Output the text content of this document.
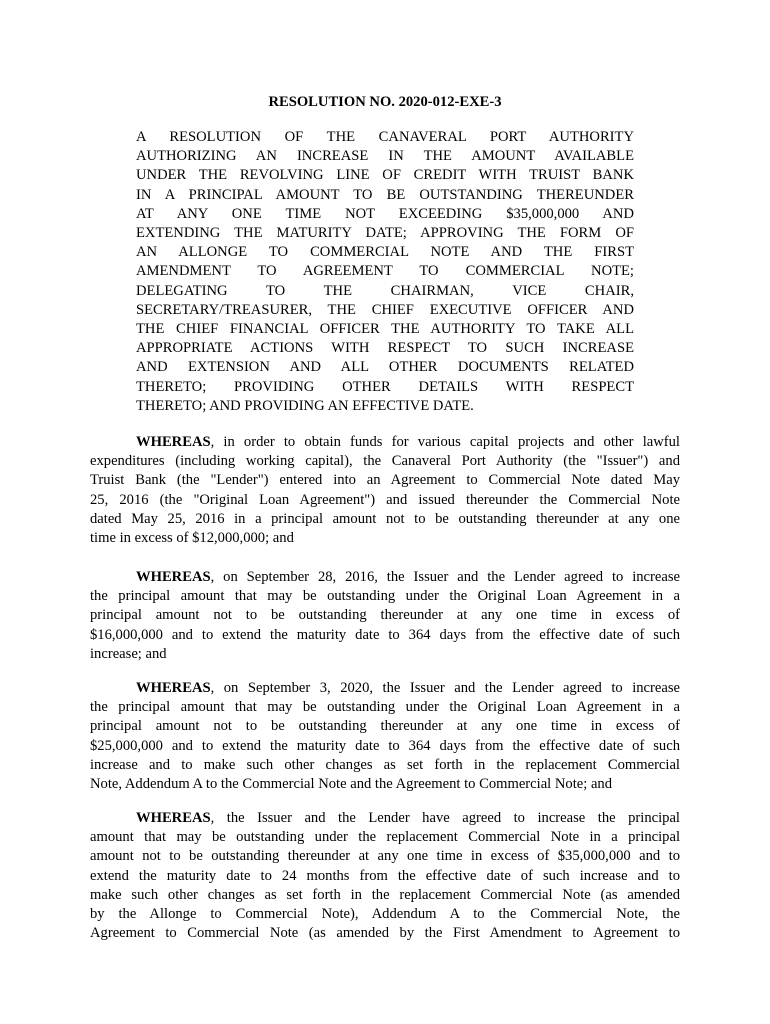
RESOLUTION NO. 2020-012-EXE-3
A RESOLUTION OF THE CANAVERAL PORT AUTHORITY
AUTHORIZING AN INCREASE IN THE AMOUNT AVAILABLE
UNDER THE REVOLVING LINE OF CREDIT WITH TRUIST BANK
IN A PRINCIPAL AMOUNT TO BE OUTSTANDING THEREUNDER
AT ANY ONE TIME NOT EXCEEDING $35,000,000 AND
EXTENDING THE MATURITY DATE; APPROVING THE FORM OF
AN ALLONGE TO COMMERCIAL NOTE AND THE FIRST
AMENDMENT TO AGREEMENT TO COMMERCIAL NOTE;
DELEGATING TO THE CHAIRMAN, VICE CHAIR,
SECRETARY/TREASURER, THE CHIEF EXECUTIVE OFFICER AND
THE CHIEF FINANCIAL OFFICER THE AUTHORITY TO TAKE ALL
APPROPRIATE ACTIONS WITH RESPECT TO SUCH INCREASE
AND EXTENSION AND ALL OTHER DOCUMENTS RELATED
THERETO; PROVIDING OTHER DETAILS WITH RESPECT
THERETO; AND PROVIDING AN EFFECTIVE DATE.
WHEREAS, in order to obtain funds for various capital projects and other lawful
expenditures (including working capital), the Canaveral Port Authority (the "Issuer") and
Truist Bank (the "Lender") entered into an Agreement to Commercial Note dated May
25, 2016 (the "Original Loan Agreement") and issued thereunder the Commercial Note
dated May 25, 2016 in a principal amount not to be outstanding thereunder at any one
time in excess of $12,000,000; and
WHEREAS, on September 28, 2016, the Issuer and the Lender agreed to increase
the principal amount that may be outstanding under the Original Loan Agreement in a
principal amount not to be outstanding thereunder at any one time in excess of
$16,000,000 and to extend the maturity date to 364 days from the effective date of such
increase; and
WHEREAS, on September 3, 2020, the Issuer and the Lender agreed to increase
the principal amount that may be outstanding under the Original Loan Agreement in a
principal amount not to be outstanding thereunder at any one time in excess of
$25,000,000 and to extend the maturity date to 364 days from the effective date of such
increase and to make such other changes as set forth in the replacement Commercial
Note, Addendum A to the Commercial Note and the Agreement to Commercial Note; and
WHEREAS, the Issuer and the Lender have agreed to increase the principal
amount that may be outstanding under the replacement Commercial Note in a principal
amount not to be outstanding thereunder at any one time in excess of $35,000,000 and to
extend the maturity date to 24 months from the effective date of such increase and to
make such other changes as set forth in the replacement Commercial Note (as amended
by the Allonge to Commercial Note), Addendum A to the Commercial Note, the
Agreement to Commercial Note (as amended by the First Amendment to Agreement to
